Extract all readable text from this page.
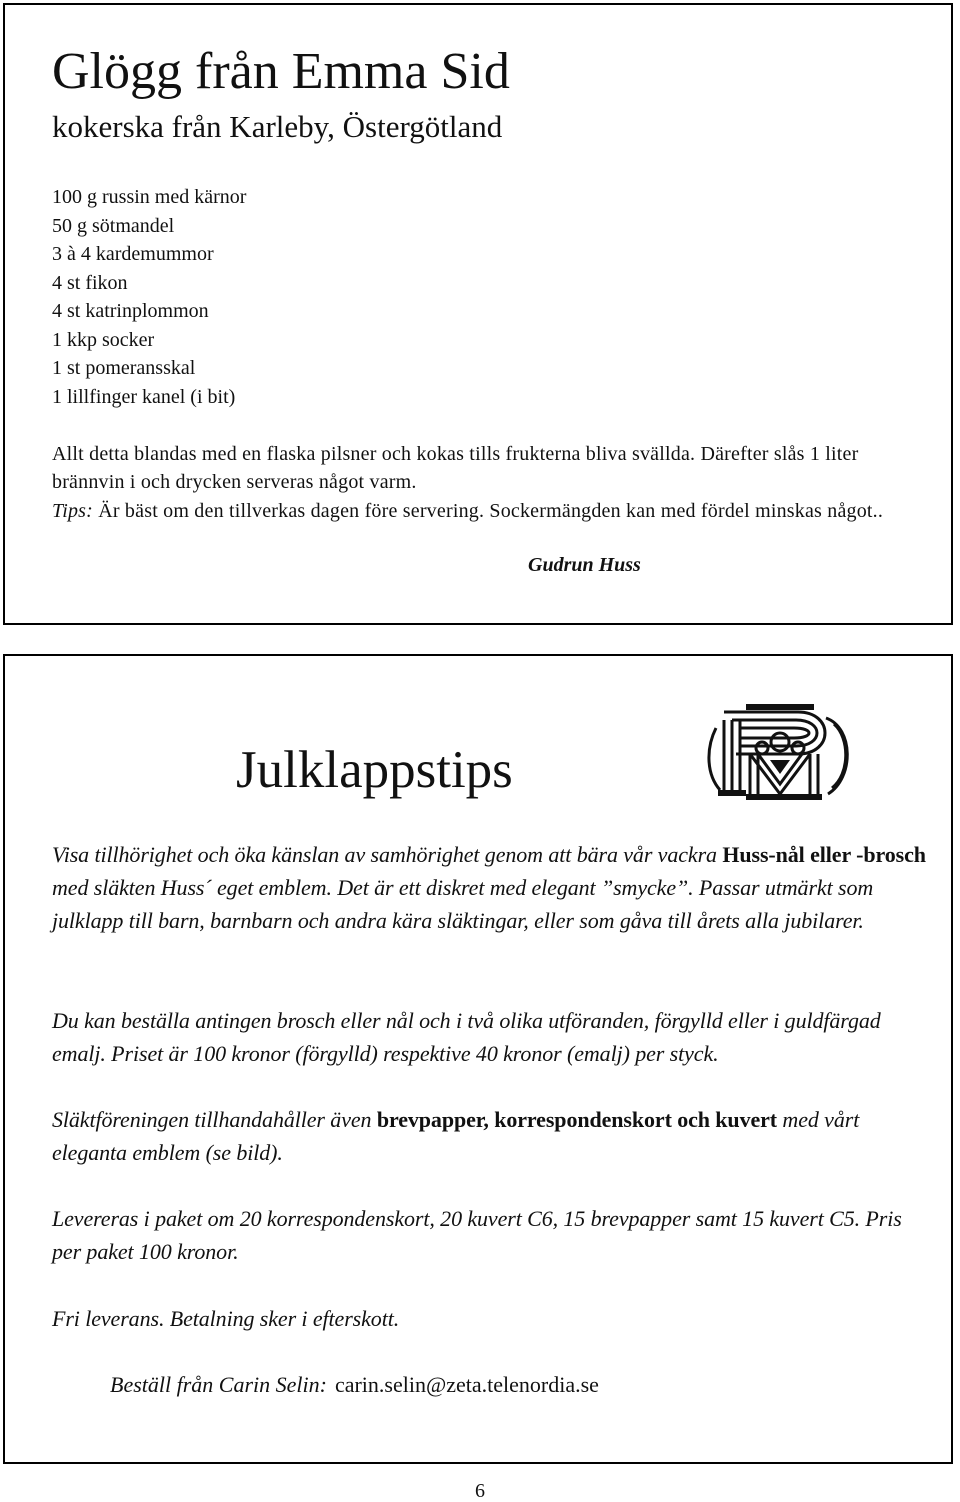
Glögg från Emma Sid
kokerska från Karleby, Östergötland
100 g russin med kärnor
50 g sötmandel
3 à 4 kardemummor
4 st fikon
4 st katrinplommon
1 kkp socker
1 st pomeransskal
1 lillfinger kanel (i bit)
Allt detta blandas med en flaska pilsner och kokas tills frukterna bliva svällda. Därefter slås 1 liter brännvin i och drycken serveras något varm.
Tips: Är bäst om den tillverkas dagen före servering. Sockermängden kan med fördel minskas något..
Gudrun Huss
Julklappstips
Visa tillhörighet och öka känslan av samhörighet genom att bära vår vackra Huss-nål eller -brosch med släkten Huss´ eget emblem. Det är ett diskret med elegant ”smycke”. Passar utmärkt som julklapp till barn, barnbarn och andra kära släktingar, eller som gåva till årets alla jubilarer.
Du kan beställa antingen brosch eller nål och i två olika utföranden, förgylld eller i guldfärgad emalj. Priset är 100 kronor (förgylld) respektive 40 kronor (emalj) per styck.
Släktföreningen tillhandahåller även brevpapper, korrespondenskort och kuvert med vårt eleganta emblem (se bild).
Levereras i paket om 20 korrespondenskort, 20 kuvert C6, 15 brevpapper samt 15 kuvert C5. Pris per paket 100 kronor.
Fri leverans. Betalning sker i efterskott.
Beställ från Carin Selin: carin.selin@zeta.telenordia.se
6
